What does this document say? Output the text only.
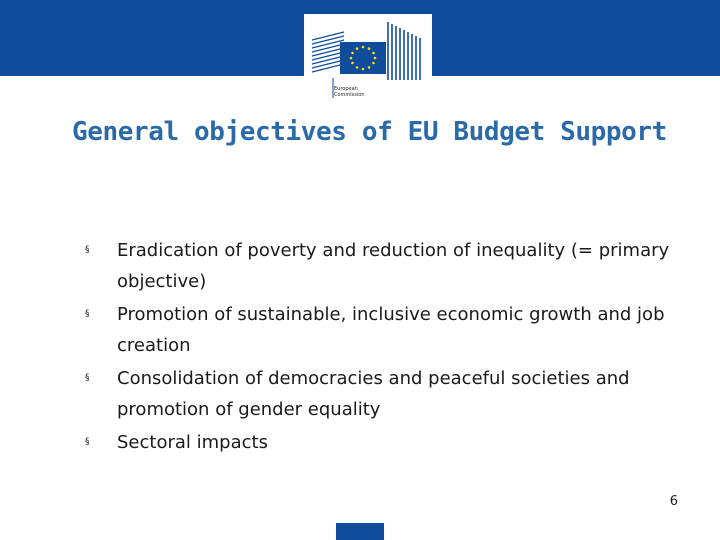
European
Commission
General objectives of EU Budget Support
§ Eradication of poverty and reduction of inequality (= primary objective)
§ Promotion of sustainable, inclusive economic growth and job creation
§ Consolidation of democracies and peaceful societies and promotion of gender equality
§ Sectoral impacts
6
